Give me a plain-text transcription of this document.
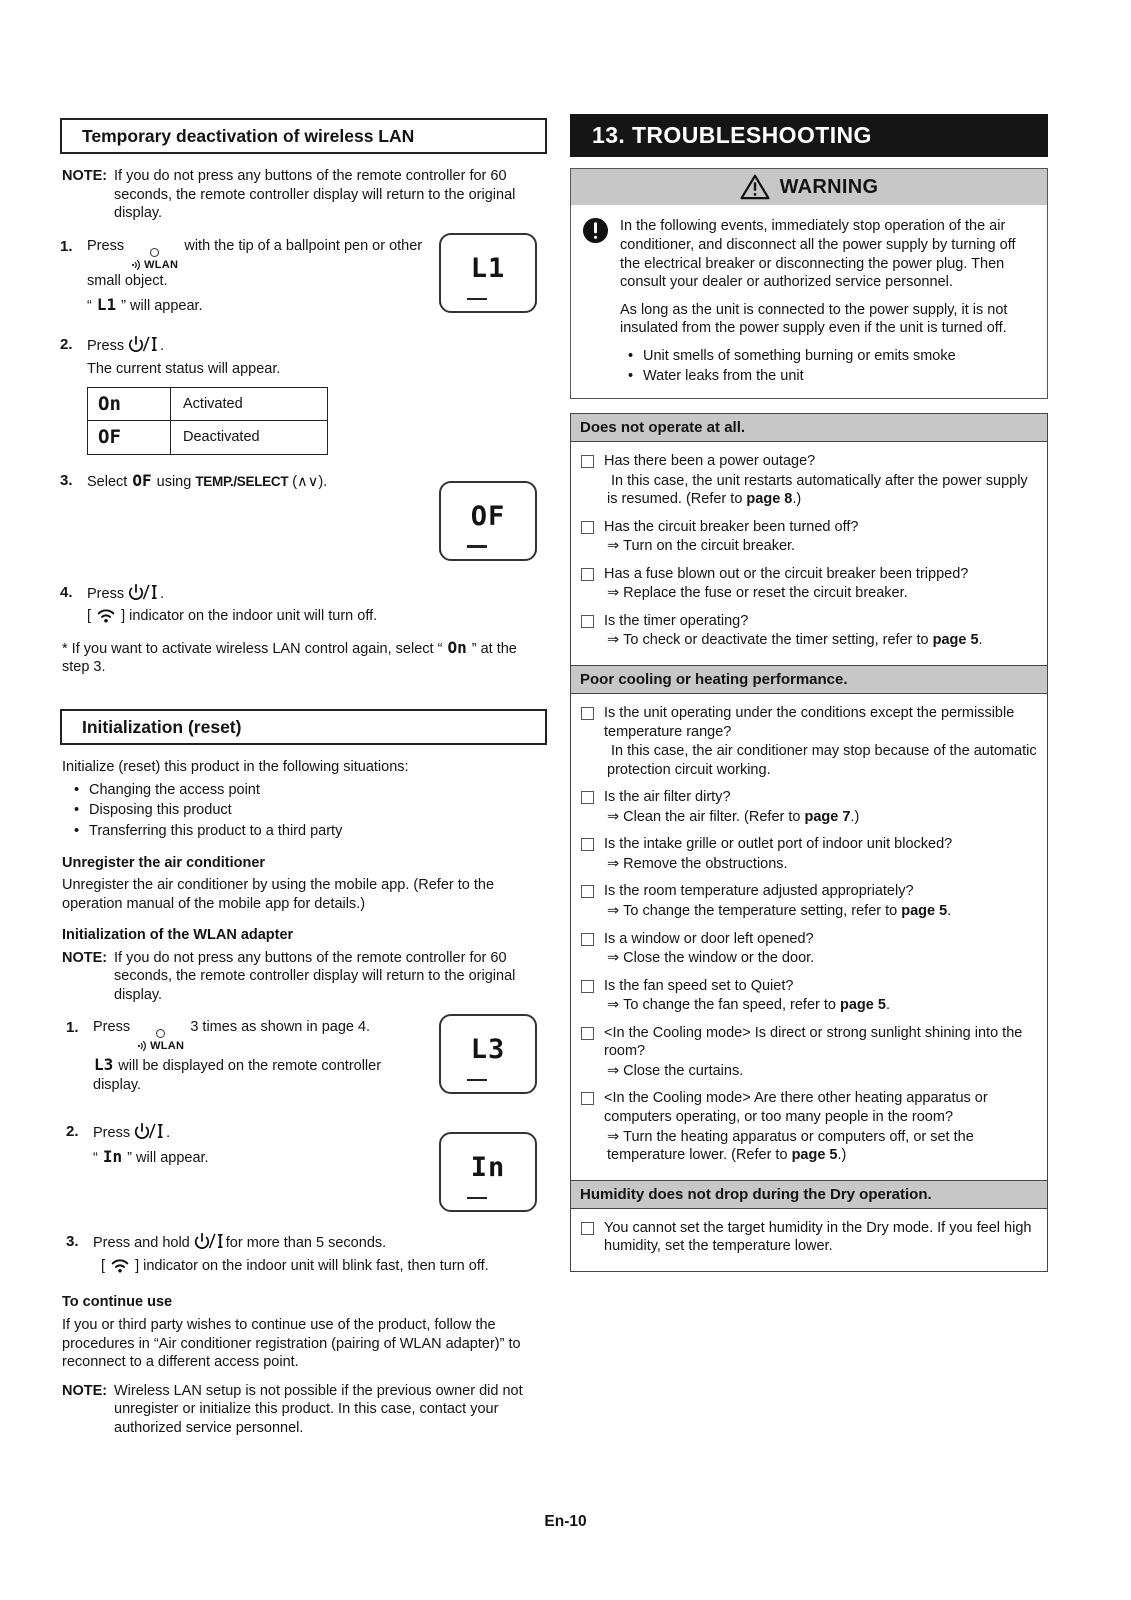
Temporary deactivation of wireless LAN
NOTE: If you do not press any buttons of the remote controller for 60 seconds, the remote controller display will return to the original display.
1. Press
WLAN
with the tip of a ballpoint pen or other small object.
“ L1 ” will appear.
L1
2. Press .
The current status will appear.
On	Activated
OF	Deactivated
3. Select OF using TEMP./SELECT (∧∨).
OF
4. Press .
[ ] indicator on the indoor unit will turn off.
* If you want to activate wireless LAN control again, select “ On ” at the step 3.
Initialization (reset)
Initialize (reset) this product in the following situations:
• Changing the access point
• Disposing this product
• Transferring this product to a third party
Unregister the air conditioner
Unregister the air conditioner by using the mobile app. (Refer to the operation manual of the mobile app for details.)
Initialization of the WLAN adapter
NOTE: If you do not press any buttons of the remote controller for 60 seconds, the remote controller display will return to the original display.
1. Press
WLAN
3 times as shown in page 4.
L3 will be displayed on the remote controller display.
L3
2. Press .
“ In ” will appear.	In
3. Press and hold for more than 5 seconds.
[ ] indicator on the indoor unit will blink fast, then turn off.
To continue use
If you or third party wishes to continue use of the product, follow the procedures in “Air conditioner registration (pairing of WLAN adapter)” to reconnect to a different access point.
NOTE: Wireless LAN setup is not possible if the previous owner did not unregister or initialize this product. In this case, contact your authorized service personnel.
13. TROUBLESHOOTING
WARNING

In the following events, immediately stop operation of the air conditioner, and disconnect all the power supply by turning off the electrical breaker or disconnecting the power plug. Then consult your dealer or authorized service personnel.

As long as the unit is connected to the power supply, it is not insulated from the power supply even if the unit is turned off.

• Unit smells of something burning or emits smoke
• Water leaks from the unit
Does not operate at all.
Has there been a power outage?
In this case, the unit restarts automatically after the power supply is resumed. (Refer to page 8.)
Has the circuit breaker been turned off?
⇒ Turn on the circuit breaker.
Has a fuse blown out or the circuit breaker been tripped?
⇒ Replace the fuse or reset the circuit breaker.
Is the timer operating?
⇒ To check or deactivate the timer setting, refer to page 5.
Poor cooling or heating performance.
Is the unit operating under the conditions except the permissible temperature range?
In this case, the air conditioner may stop because of the automatic protection circuit working.
Is the air filter dirty?
⇒ Clean the air filter. (Refer to page 7.)
Is the intake grille or outlet port of indoor unit blocked?
⇒ Remove the obstructions.
Is the room temperature adjusted appropriately?
⇒ To change the temperature setting, refer to page 5.
Is a window or door left opened?
⇒ Close the window or the door.
Is the fan speed set to Quiet?
⇒ To change the fan speed, refer to page 5.
<In the Cooling mode> Is direct or strong sunlight shining into the room?
⇒ Close the curtains.
<In the Cooling mode> Are there other heating apparatus or computers operating, or too many people in the room?
⇒ Turn the heating apparatus or computers off, or set the temperature lower. (Refer to page 5.)
Humidity does not drop during the Dry operation.
You cannot set the target humidity in the Dry mode. If you feel high humidity, set the temperature lower.
En-10
